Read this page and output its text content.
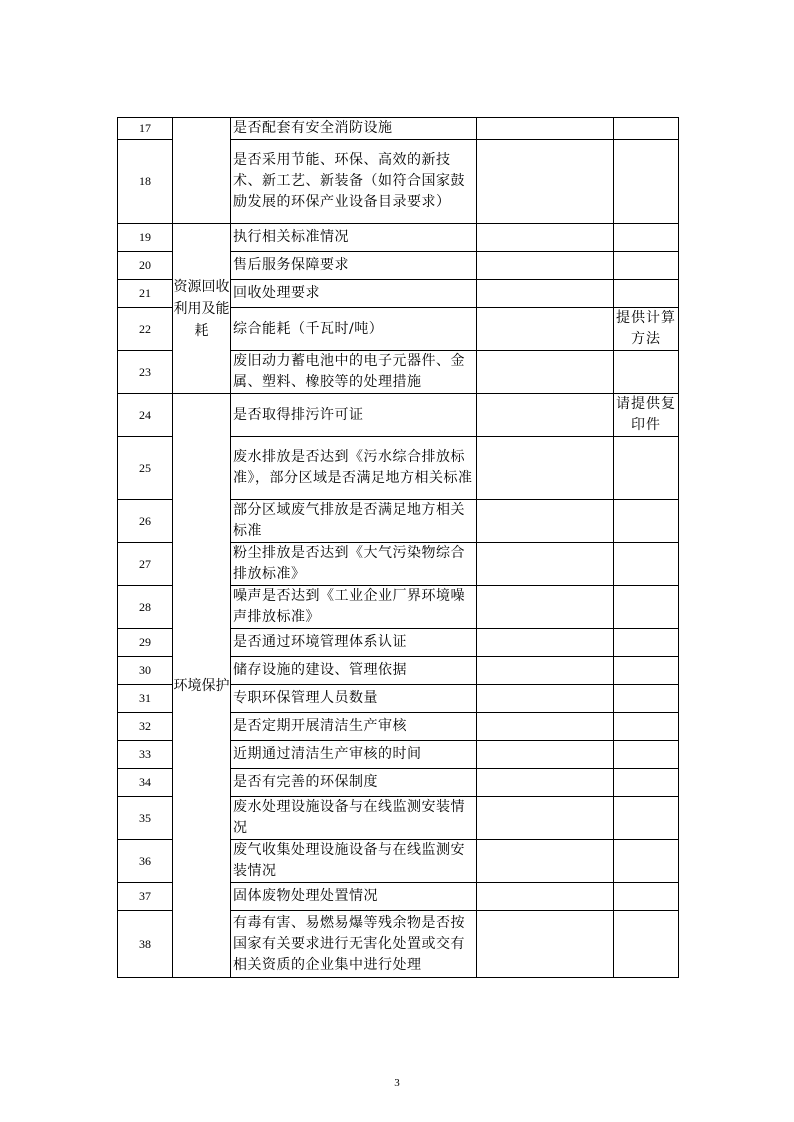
17		是否配套有安全消防设施		
18		是否采用节能、环保、高效的新技术、新工艺、新装备（如符合国家鼓励发展的环保产业设备目录要求）		
19	资源回收利用及能耗	执行相关标准情况		
20		售后服务保障要求		
21		回收处理要求		
22		综合能耗（千瓦时/吨）		提供计算方法
23		废旧动力蓄电池中的电子元器件、金属、塑料、橡胶等的处理措施		
24	环境保护	是否取得排污许可证		请提供复印件
25		废水排放是否达到《污水综合排放标准》，部分区域是否满足地方相关标准		
26		部分区域废气排放是否满足地方相关标准		
27		粉尘排放是否达到《大气污染物综合排放标准》		
28		噪声是否达到《工业企业厂界环境噪声排放标准》		
29		是否通过环境管理体系认证		
30		储存设施的建设、管理依据		
31		专职环保管理人员数量		
32		是否定期开展清洁生产审核		
33		近期通过清洁生产审核的时间		
34		是否有完善的环保制度		
35		废水处理设施设备与在线监测安装情况		
36		废气收集处理设施设备与在线监测安装情况		
37		固体废物处理处置情况		
38		有毒有害、易燃易爆等残余物是否按国家有关要求进行无害化处置或交有相关资质的企业集中进行处理		
3
